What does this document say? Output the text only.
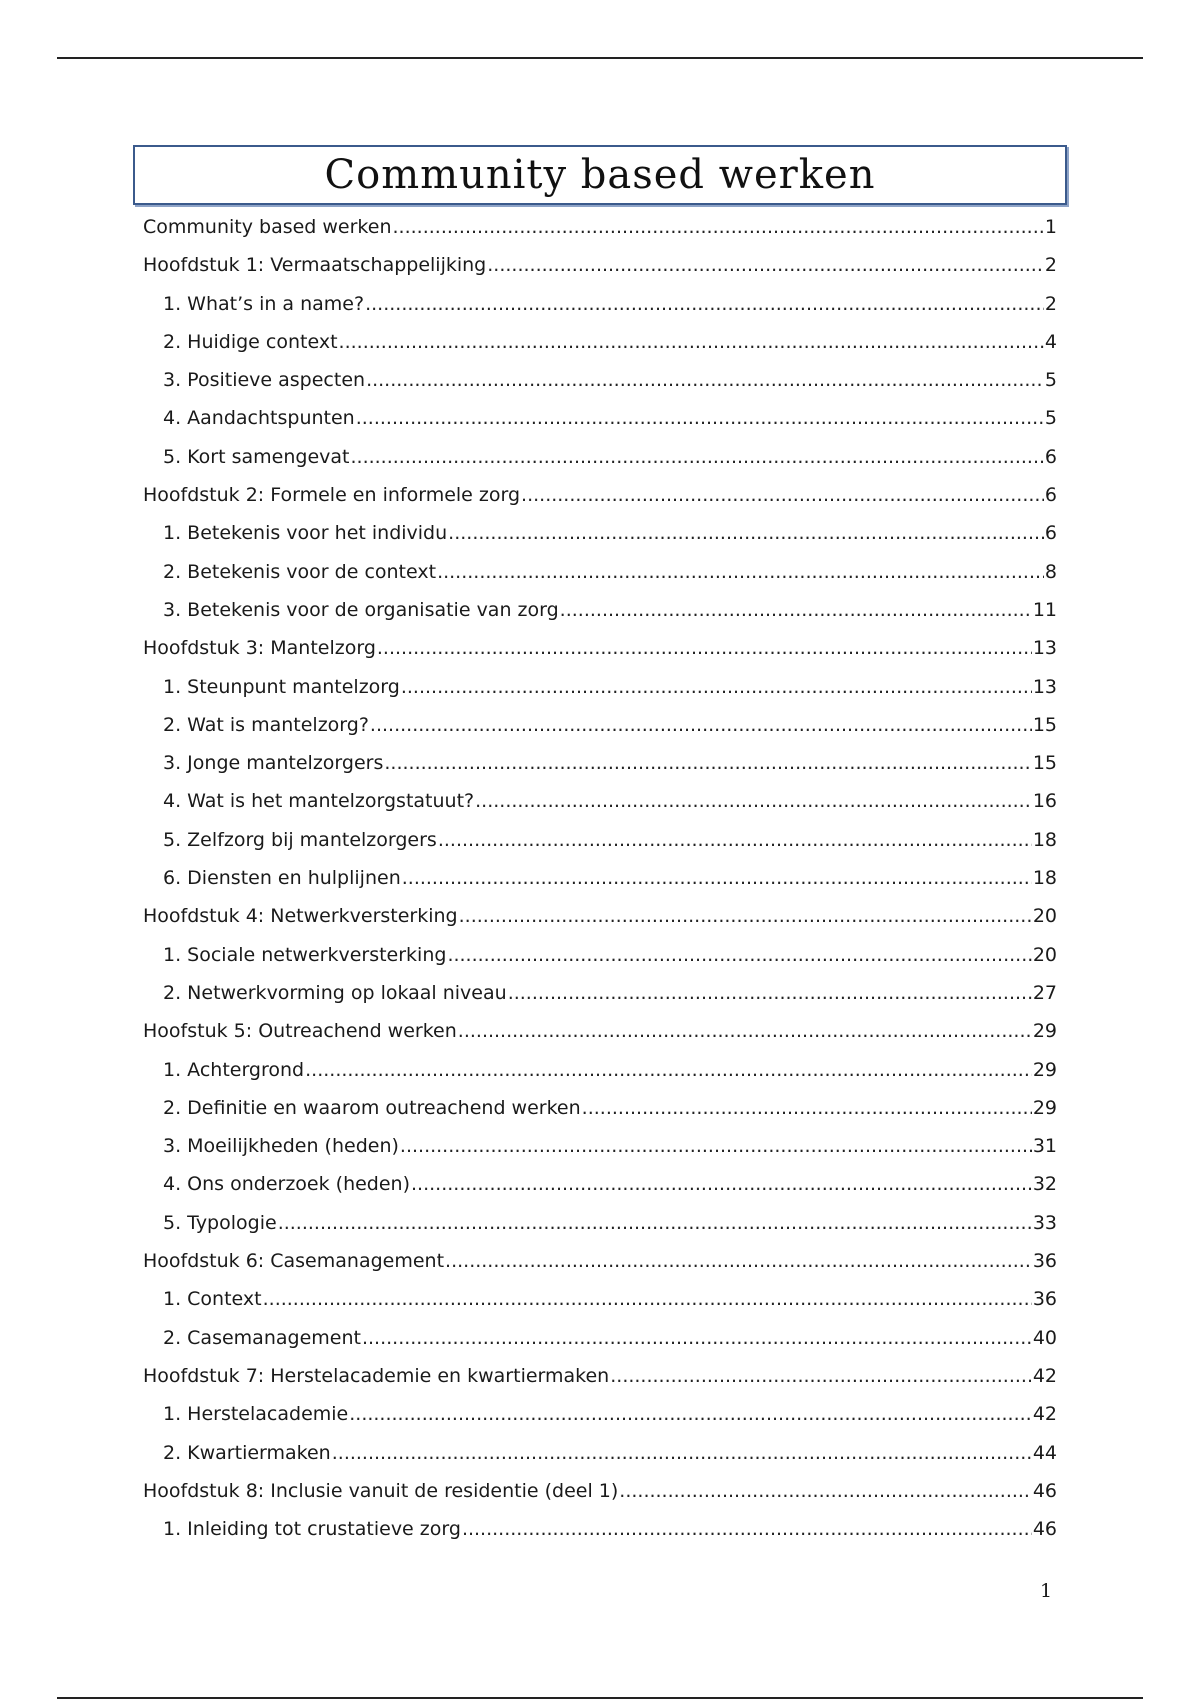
Community based werken
Community based werken .....	1
Hoofdstuk 1: Vermaatschappelijking .....	2
1. What’s in a name? .....	2
2. Huidige context .....	4
3. Positieve aspecten .....	5
4. Aandachtspunten .....	5
5. Kort samengevat .....	6
Hoofdstuk 2: Formele en informele zorg .....	6
1. Betekenis voor het individu .....	6
2. Betekenis voor de context .....	8
3. Betekenis voor de organisatie van zorg .....	11
Hoofdstuk 3: Mantelzorg .....	13
1. Steunpunt mantelzorg .....	13
2. Wat is mantelzorg? .....	15
3. Jonge mantelzorgers .....	15
4. Wat is het mantelzorgstatuut? .....	16
5. Zelfzorg bij mantelzorgers .....	18
6. Diensten en hulplijnen .....	18
Hoofdstuk 4: Netwerkversterking .....	20
1. Sociale netwerkversterking .....	20
2. Netwerkvorming op lokaal niveau .....	27
Hoofstuk 5: Outreachend werken .....	29
1. Achtergrond .....	29
2. Definitie en waarom outreachend werken .....	29
3. Moeilijkheden (heden) .....	31
4. Ons onderzoek (heden) .....	32
5. Typologie .....	33
Hoofdstuk 6: Casemanagement .....	36
1. Context .....	36
2. Casemanagement .....	40
Hoofdstuk 7: Herstelacademie en kwartiermaken .....	42
1. Herstelacademie .....	42
2. Kwartiermaken .....	44
Hoofdstuk 8: Inclusie vanuit de residentie (deel 1) .....	46
1. Inleiding tot crustatieve zorg .....	46
1
